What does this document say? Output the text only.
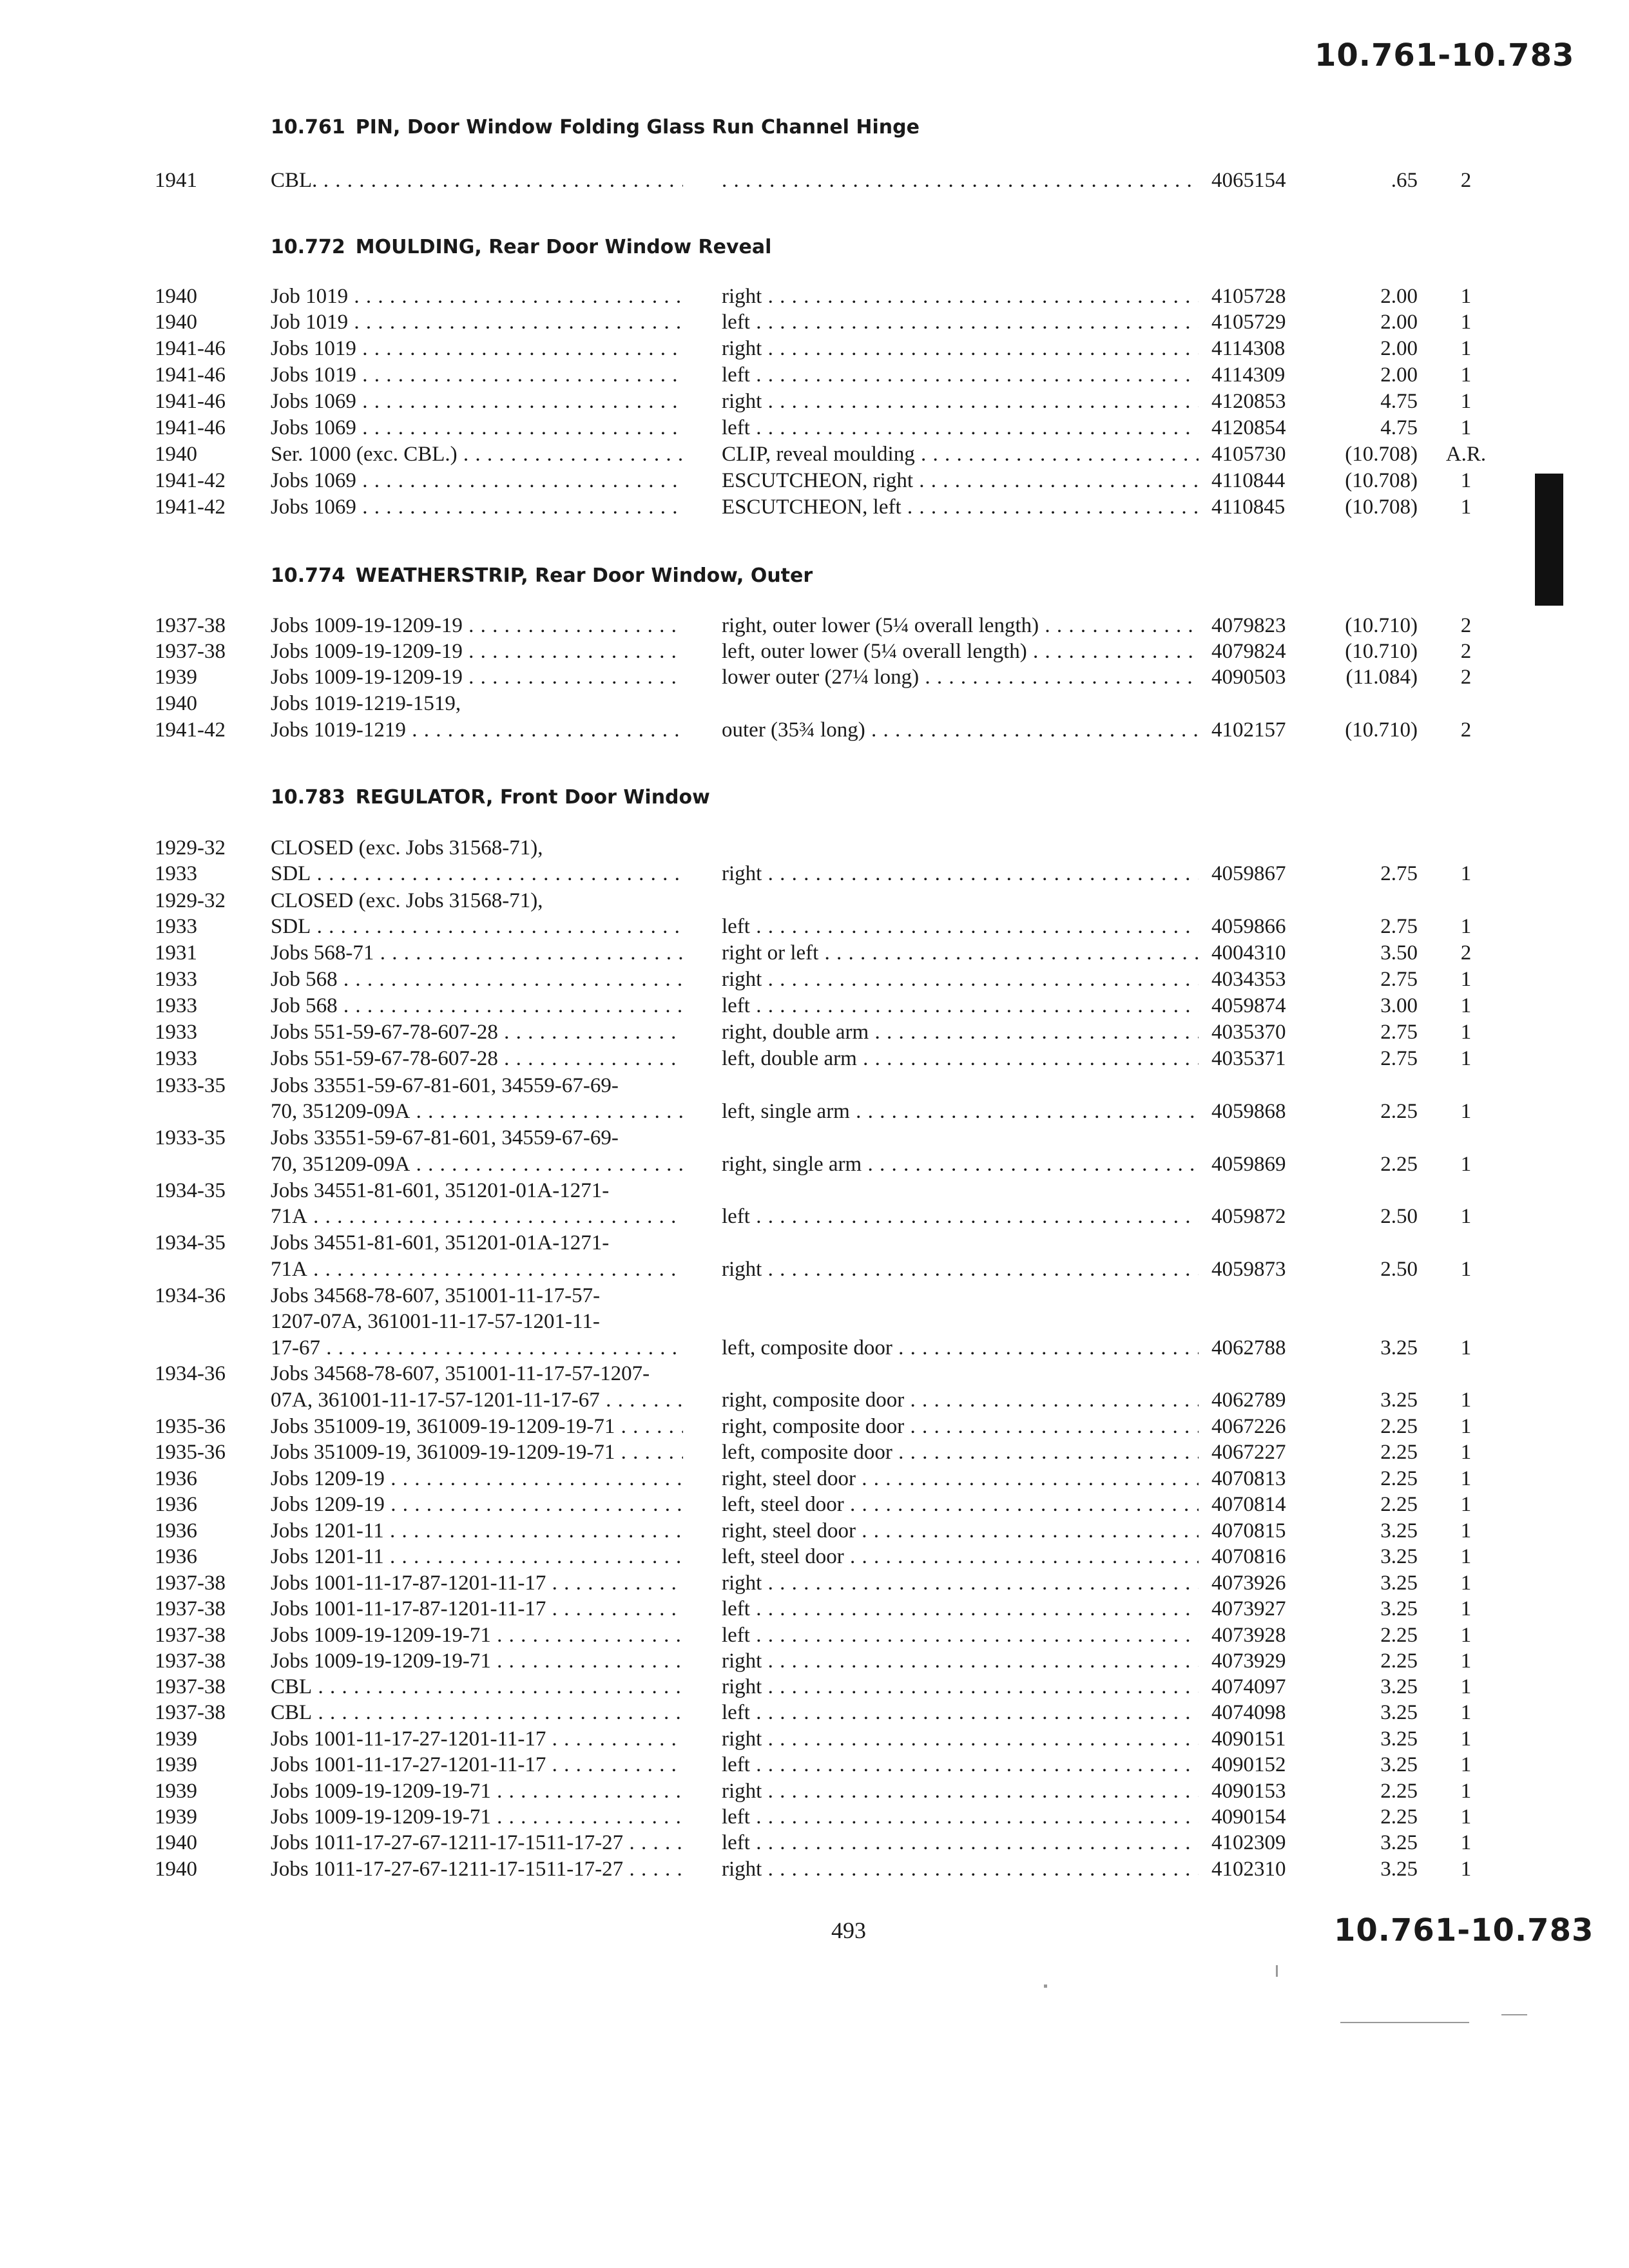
10.761-10.783
10.761 PIN, Door Window Folding Glass Run Channel Hinge
1941	CBL. . . .
. . .	4065154	.65	2
10.772 MOULDING, Rear Door Window Reveal
1940	Job 1019 . . .	right . . .	4105728	2.00	1
1940	Job 1019 . . .	left . . .	4105729	2.00	1
1941-46 Jobs 1019 . . .	right . . .	4114308	2.00	1
1941-46 Jobs 1019 . . .	left . . .	4114309	2.00	1
1941-46 Jobs 1069 . . .	right . . .	4120853	4.75	1
1941-46 Jobs 1069 . . .	left . . .	4120854	4.75	1
1940	Ser. 1000 (exc. CBL.) . . .	CLIP, reveal moulding . . .	4105730	(10.708)	A.R.
1941-42 Jobs 1069 . . .	ESCUTCHEON, right . . .	4110844	(10.708)	1
1941-42 Jobs 1069 . . .	ESCUTCHEON, left . . .	4110845	(10.708)	1
10.774 WEATHERSTRIP, Rear Door Window, Outer
1937-38 Jobs 1009-19-1209-19 . . .	right, outer lower (5¼ overall length) . . .	4079823	(10.710)	2
1937-38 Jobs 1009-19-1209-19 . . .	left, outer lower (5¼ overall length) . . .	4079824	(10.710)	2
1939	Jobs 1009-19-1209-19 . . .	lower outer (27¼ long) . . .	4090503	(11.084)	2
1940	Jobs 1019-1219-1519,
1941-42 Jobs 1019-1219 . . .	outer (35¾ long) . . .	4102157	(10.710)	2
10.783 REGULATOR, Front Door Window
1929-32 CLOSED (exc. Jobs 31568-71),
1933	SDL . . .	right . . .	4059867	2.75	1
1929-32 CLOSED (exc. Jobs 31568-71),
1933	SDL . . .	left . . .	4059866	2.75	1
1931	Jobs 568-71 . . .	right or left . . .	4004310	3.50	2
1933	Job 568 . . .	right . . .	4034353	2.75	1
1933	Job 568 . . .	left . . .	4059874	3.00	1
1933	Jobs 551-59-67-78-607-28 . . .	right, double arm . . .	4035370	2.75	1
1933	Jobs 551-59-67-78-607-28 . . .	left, double arm . . .	4035371	2.75	1
1933-35 Jobs 33551-59-67-81-601, 34559-67-69-
70, 351209-09A . . .	left, single arm . . .	4059868	2.25	1
1933-35 Jobs 33551-59-67-81-601, 34559-67-69-
70, 351209-09A . . .	right, single arm . . .	4059869	2.25	1
1934-35 Jobs 34551-81-601, 351201-01A-1271-
71A . . .	left . . .	4059872	2.50	1
1934-35 Jobs 34551-81-601, 351201-01A-1271-
71A . . .	right . . .	4059873	2.50	1
1934-36 Jobs 34568-78-607, 351001-11-17-57-
1207-07A, 361001-11-17-57-1201-11-
17-67 . . .	left, composite door . . .	4062788	3.25	1
1934-36 Jobs 34568-78-607, 351001-11-17-57-1207-
07A, 361001-11-17-57-1201-11-17-67 . . .	right, composite door . . .	4062789	3.25	1
1935-36 Jobs 351009-19, 361009-19-1209-19-71 . . .	right, composite door . . .	4067226	2.25	1
1935-36 Jobs 351009-19, 361009-19-1209-19-71 . . .	left, composite door . . .	4067227	2.25	1
1936	Jobs 1209-19 . . .	right, steel door . . .	4070813	2.25	1
1936	Jobs 1209-19 . . .	left, steel door . . .	4070814	2.25	1
1936	Jobs 1201-11 . . .	right, steel door . . .	4070815	3.25	1
1936	Jobs 1201-11 . . .	left, steel door . . .	4070816	3.25	1
1937-38 Jobs 1001-11-17-87-1201-11-17 . . .	right . . .	4073926	3.25	1
1937-38 Jobs 1001-11-17-87-1201-11-17 . . .	left . . .	4073927	3.25	1
1937-38 Jobs 1009-19-1209-19-71 . . .	left . . .	4073928	2.25	1
1937-38 Jobs 1009-19-1209-19-71 . . .	right . . .	4073929	2.25	1
1937-38 CBL . . .	right . . .	4074097	3.25	1
1937-38 CBL . . .	left . . .	4074098	3.25	1
1939	Jobs 1001-11-17-27-1201-11-17 . . .	right . . .	4090151	3.25	1
1939	Jobs 1001-11-17-27-1201-11-17 . . .	left . . .	4090152	3.25	1
1939	Jobs 1009-19-1209-19-71 . . .	right . . .	4090153	2.25	1
1939	Jobs 1009-19-1209-19-71 . . .	left . . .	4090154	2.25	1
1940	Jobs 1011-17-27-67-1211-17-1511-17-27 . . .	left . . .	4102309	3.25	1
1940	Jobs 1011-17-27-67-1211-17-1511-17-27 . . .	right . . .	4102310	3.25	1
493	10.761-10.783
